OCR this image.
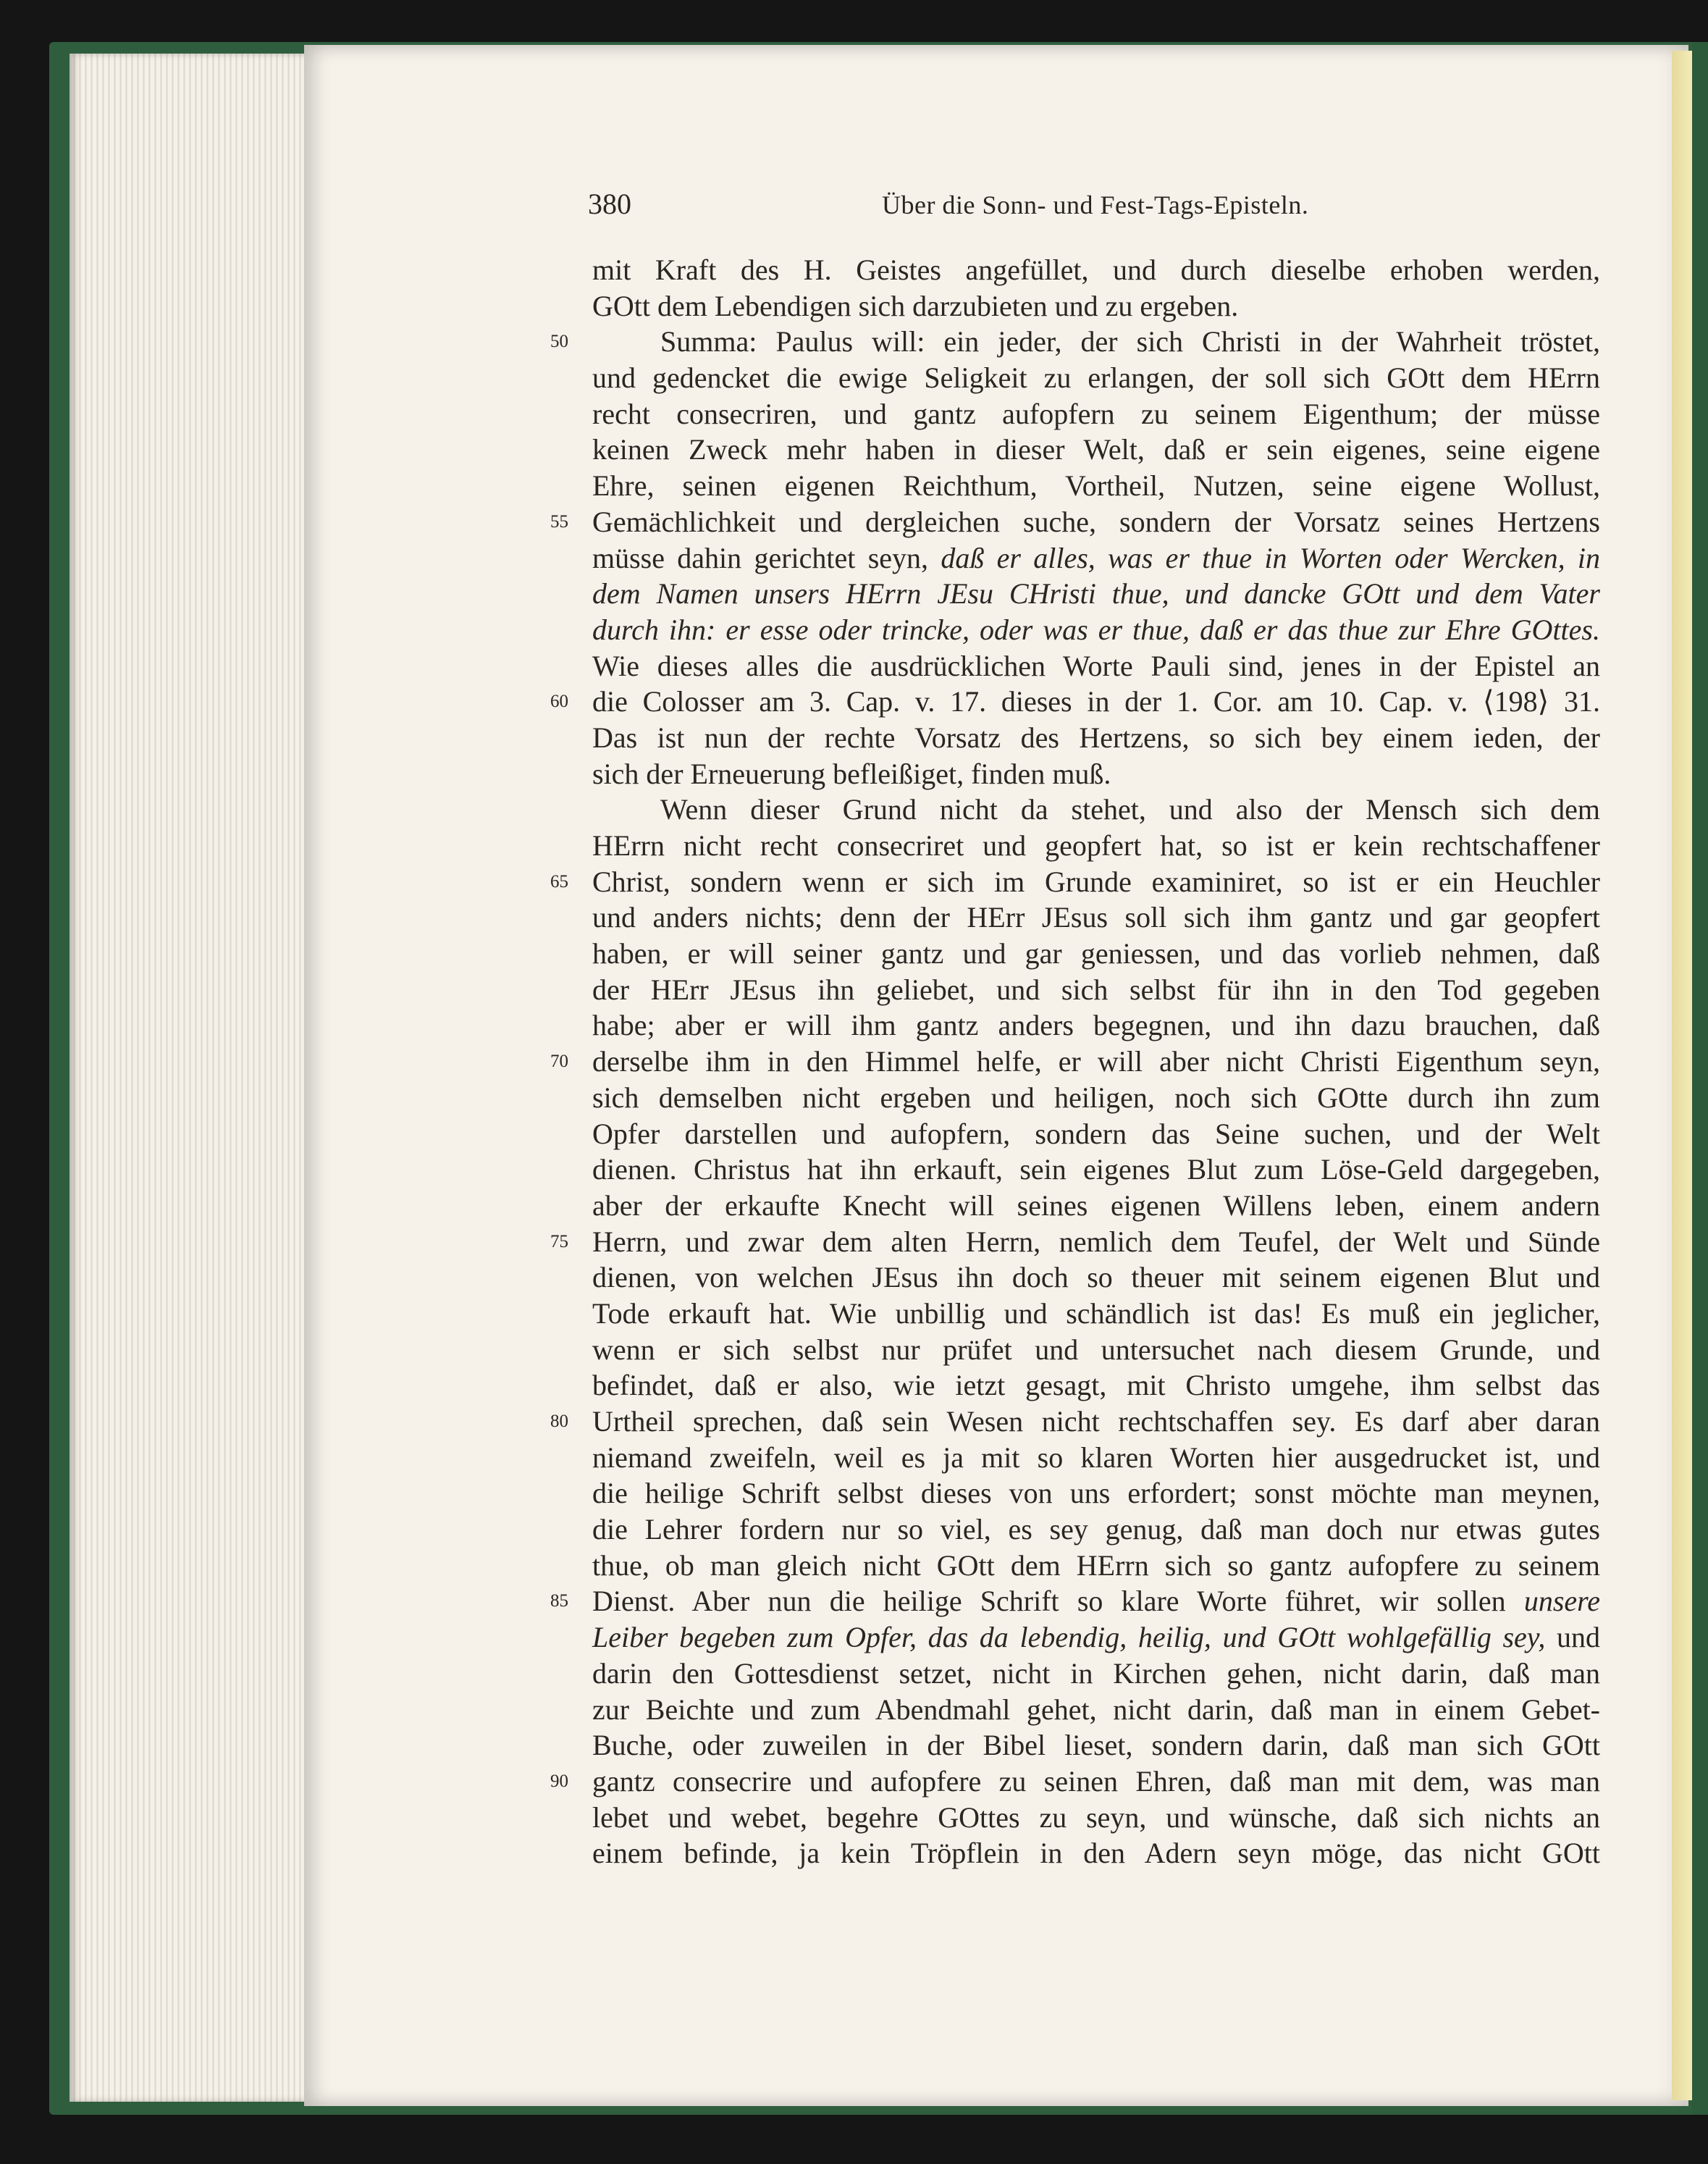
380	Über die Sonn- und Fest-Tags-Episteln.

mit Kraft des H. Geistes angefüllet, und durch dieselbe erhoben werden,
GOtt dem Lebendigen sich darzubieten und zu ergeben.
50	Summa: Paulus will: ein jeder, der sich Christi in der Wahrheit tröstet,
und gedencket die ewige Seligkeit zu erlangen, der soll sich GOtt dem HErrn
recht consecriren, und gantz aufopfern zu seinem Eigenthum; der müsse
keinen Zweck mehr haben in dieser Welt, daß er sein eigenes, seine eigene
Ehre, seinen eigenen Reichthum, Vortheil, Nutzen, seine eigene Wollust,
55 Gemächlichkeit und dergleichen suche, sondern der Vorsatz seines Hertzens
müsse dahin gerichtet seyn, daß er alles, was er thue in Worten oder Wercken, in
dem Namen unsers HErrn JEsu CHristi thue, und dancke GOtt und dem Vater
durch ihn: er esse oder trincke, oder was er thue, daß er das thue zur Ehre GOttes.
Wie dieses alles die ausdrücklichen Worte Pauli sind, jenes in der Epistel an
60 die Colosser am 3. Cap. v. 17. dieses in der 1. Cor. am 10. Cap. v. ⟨198⟩ 31.
Das ist nun der rechte Vorsatz des Hertzens, so sich bey einem ieden, der
sich der Erneuerung befleißiget, finden muß.
Wenn dieser Grund nicht da stehet, und also der Mensch sich dem
HErrn nicht recht consecriret und geopfert hat, so ist er kein rechtschaffener
65 Christ, sondern wenn er sich im Grunde examiniret, so ist er ein Heuchler
und anders nichts; denn der HErr JEsus soll sich ihm gantz und gar geopfert
haben, er will seiner gantz und gar geniessen, und das vorlieb nehmen, daß
der HErr JEsus ihn geliebet, und sich selbst für ihn in den Tod gegeben
habe; aber er will ihm gantz anders begegnen, und ihn dazu brauchen, daß
70 derselbe ihm in den Himmel helfe, er will aber nicht Christi Eigenthum seyn,
sich demselben nicht ergeben und heiligen, noch sich GOtte durch ihn zum
Opfer darstellen und aufopfern, sondern das Seine suchen, und der Welt
dienen. Christus hat ihn erkauft, sein eigenes Blut zum Löse-Geld dargegeben,
aber der erkaufte Knecht will seines eigenen Willens leben, einem andern
75 Herrn, und zwar dem alten Herrn, nemlich dem Teufel, der Welt und Sünde
dienen, von welchen JEsus ihn doch so theuer mit seinem eigenen Blut und
Tode erkauft hat. Wie unbillig und schändlich ist das! Es muß ein jeglicher,
wenn er sich selbst nur prüfet und untersuchet nach diesem Grunde, und
befindet, daß er also, wie ietzt gesagt, mit Christo umgehe, ihm selbst das
80 Urtheil sprechen, daß sein Wesen nicht rechtschaffen sey. Es darf aber daran
niemand zweifeln, weil es ja mit so klaren Worten hier ausgedrucket ist, und
die heilige Schrift selbst dieses von uns erfordert; sonst möchte man meynen,
die Lehrer fordern nur so viel, es sey genug, daß man doch nur etwas gutes
thue, ob man gleich nicht GOtt dem HErrn sich so gantz aufopfere zu seinem
85 Dienst. Aber nun die heilige Schrift so klare Worte führet, wir sollen unsere
Leiber begeben zum Opfer, das da lebendig, heilig, und GOtt wohlgefällig sey, und
darin den Gottesdienst setzet, nicht in Kirchen gehen, nicht darin, daß man
zur Beichte und zum Abendmahl gehet, nicht darin, daß man in einem Gebet-
Buche, oder zuweilen in der Bibel lieset, sondern darin, daß man sich GOtt
90 gantz consecrire und aufopfere zu seinen Ehren, daß man mit dem, was man
lebet und webet, begehre GOttes zu seyn, und wünsche, daß sich nichts an
einem befinde, ja kein Tröpflein in den Adern seyn möge, das nicht GOtt
